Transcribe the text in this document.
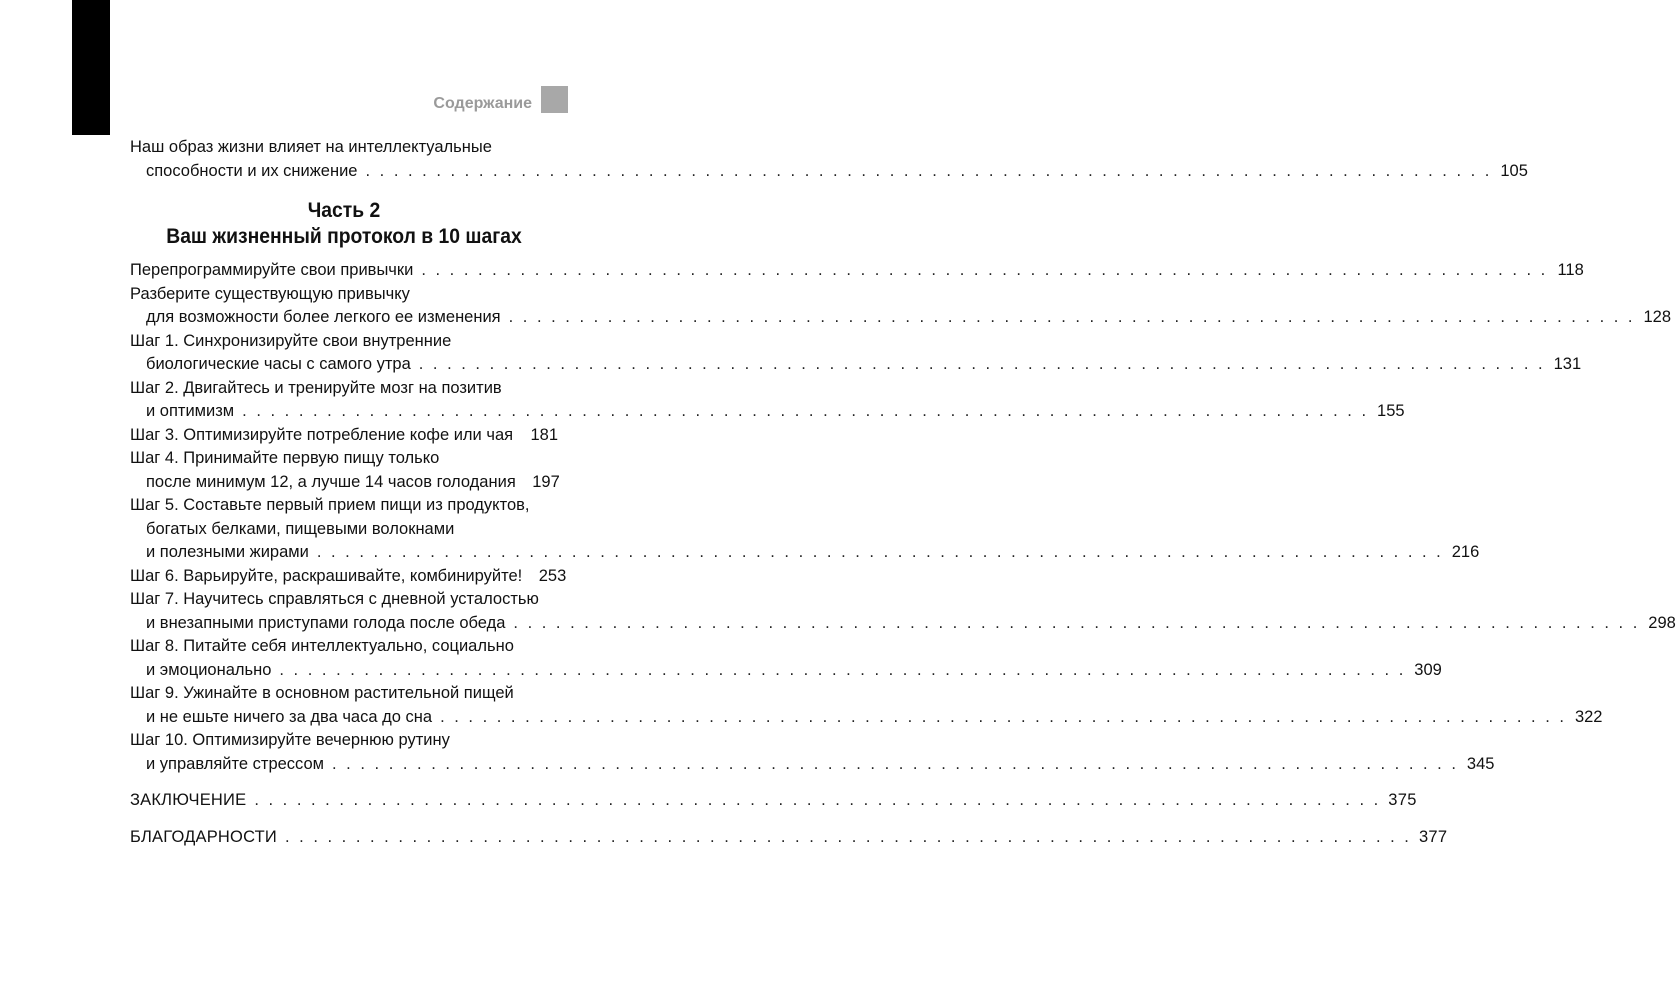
Содержание
Наш образ жизни влияет на интеллектуальные
способности и их снижение . . . . . . . . . . . . . . . . . . . . . . . . . . . . . . . . . . . . . . . . . . . . . . . . . . . . . . . . . . . . . . . . . . . . . . . . . . . . . . . . 105
Часть 2
Ваш жизненный протокол в 10 шагах
Перепрограммируйте свои привычки . . . . . . . . . . . . . . . . . . . . . . . . . . . . . . . . . . . . . . . . . . . . . . . . . . . . . . . . . . . . . . . . . . . . . . . . . . . . . . . . 118
Разберите существующую привычку
для возможности более легкого ее изменения . . . . . . . . . . . . . . . . . . . . . . . . . . . . . . . . . . . . . . . . . . . . . . . . . . . . . . . . . . . . . . . . . . . . . . . . . . . . . . . . 128
Шаг 1. Синхронизируйте свои внутренние
биологические часы с самого утра . . . . . . . . . . . . . . . . . . . . . . . . . . . . . . . . . . . . . . . . . . . . . . . . . . . . . . . . . . . . . . . . . . . . . . . . . . . . . . . . 131
Шаг 2. Двигайтесь и тренируйте мозг на позитив
и оптимизм . . . . . . . . . . . . . . . . . . . . . . . . . . . . . . . . . . . . . . . . . . . . . . . . . . . . . . . . . . . . . . . . . . . . . . . . . . . . . . . . 155
Шаг 3. Оптимизируйте потребление кофе или чая 181
Шаг 4. Принимайте первую пищу только
после минимум 12, а лучше 14 часов голодания 197
Шаг 5. Составьте первый прием пищи из продуктов,
богатых белками, пищевыми волокнами
и полезными жирами . . . . . . . . . . . . . . . . . . . . . . . . . . . . . . . . . . . . . . . . . . . . . . . . . . . . . . . . . . . . . . . . . . . . . . . . . . . . . . . . 216
Шаг 6. Варьируйте, раскрашивайте, комбинируйте! 253
Шаг 7. Научитесь справляться с дневной усталостью
и внезапными приступами голода после обеда . . . . . . . . . . . . . . . . . . . . . . . . . . . . . . . . . . . . . . . . . . . . . . . . . . . . . . . . . . . . . . . . . . . . . . . . . . . . . . . . 298
Шаг 8. Питайте себя интеллектуально, социально
и эмоционально . . . . . . . . . . . . . . . . . . . . . . . . . . . . . . . . . . . . . . . . . . . . . . . . . . . . . . . . . . . . . . . . . . . . . . . . . . . . . . . . 309
Шаг 9. Ужинайте в основном растительной пищей
и не ешьте ничего за два часа до сна . . . . . . . . . . . . . . . . . . . . . . . . . . . . . . . . . . . . . . . . . . . . . . . . . . . . . . . . . . . . . . . . . . . . . . . . . . . . . . . . 322
Шаг 10. Оптимизируйте вечернюю рутину
и управляйте стрессом . . . . . . . . . . . . . . . . . . . . . . . . . . . . . . . . . . . . . . . . . . . . . . . . . . . . . . . . . . . . . . . . . . . . . . . . . . . . . . . . 345
ЗАКЛЮЧЕНИЕ . . . . . . . . . . . . . . . . . . . . . . . . . . . . . . . . . . . . . . . . . . . . . . . . . . . . . . . . . . . . . . . . . . . . . . . . . . . . . . . . 375
БЛАГОДАРНОСТИ . . . . . . . . . . . . . . . . . . . . . . . . . . . . . . . . . . . . . . . . . . . . . . . . . . . . . . . . . . . . . . . . . . . . . . . . . . . . . . . . 377
